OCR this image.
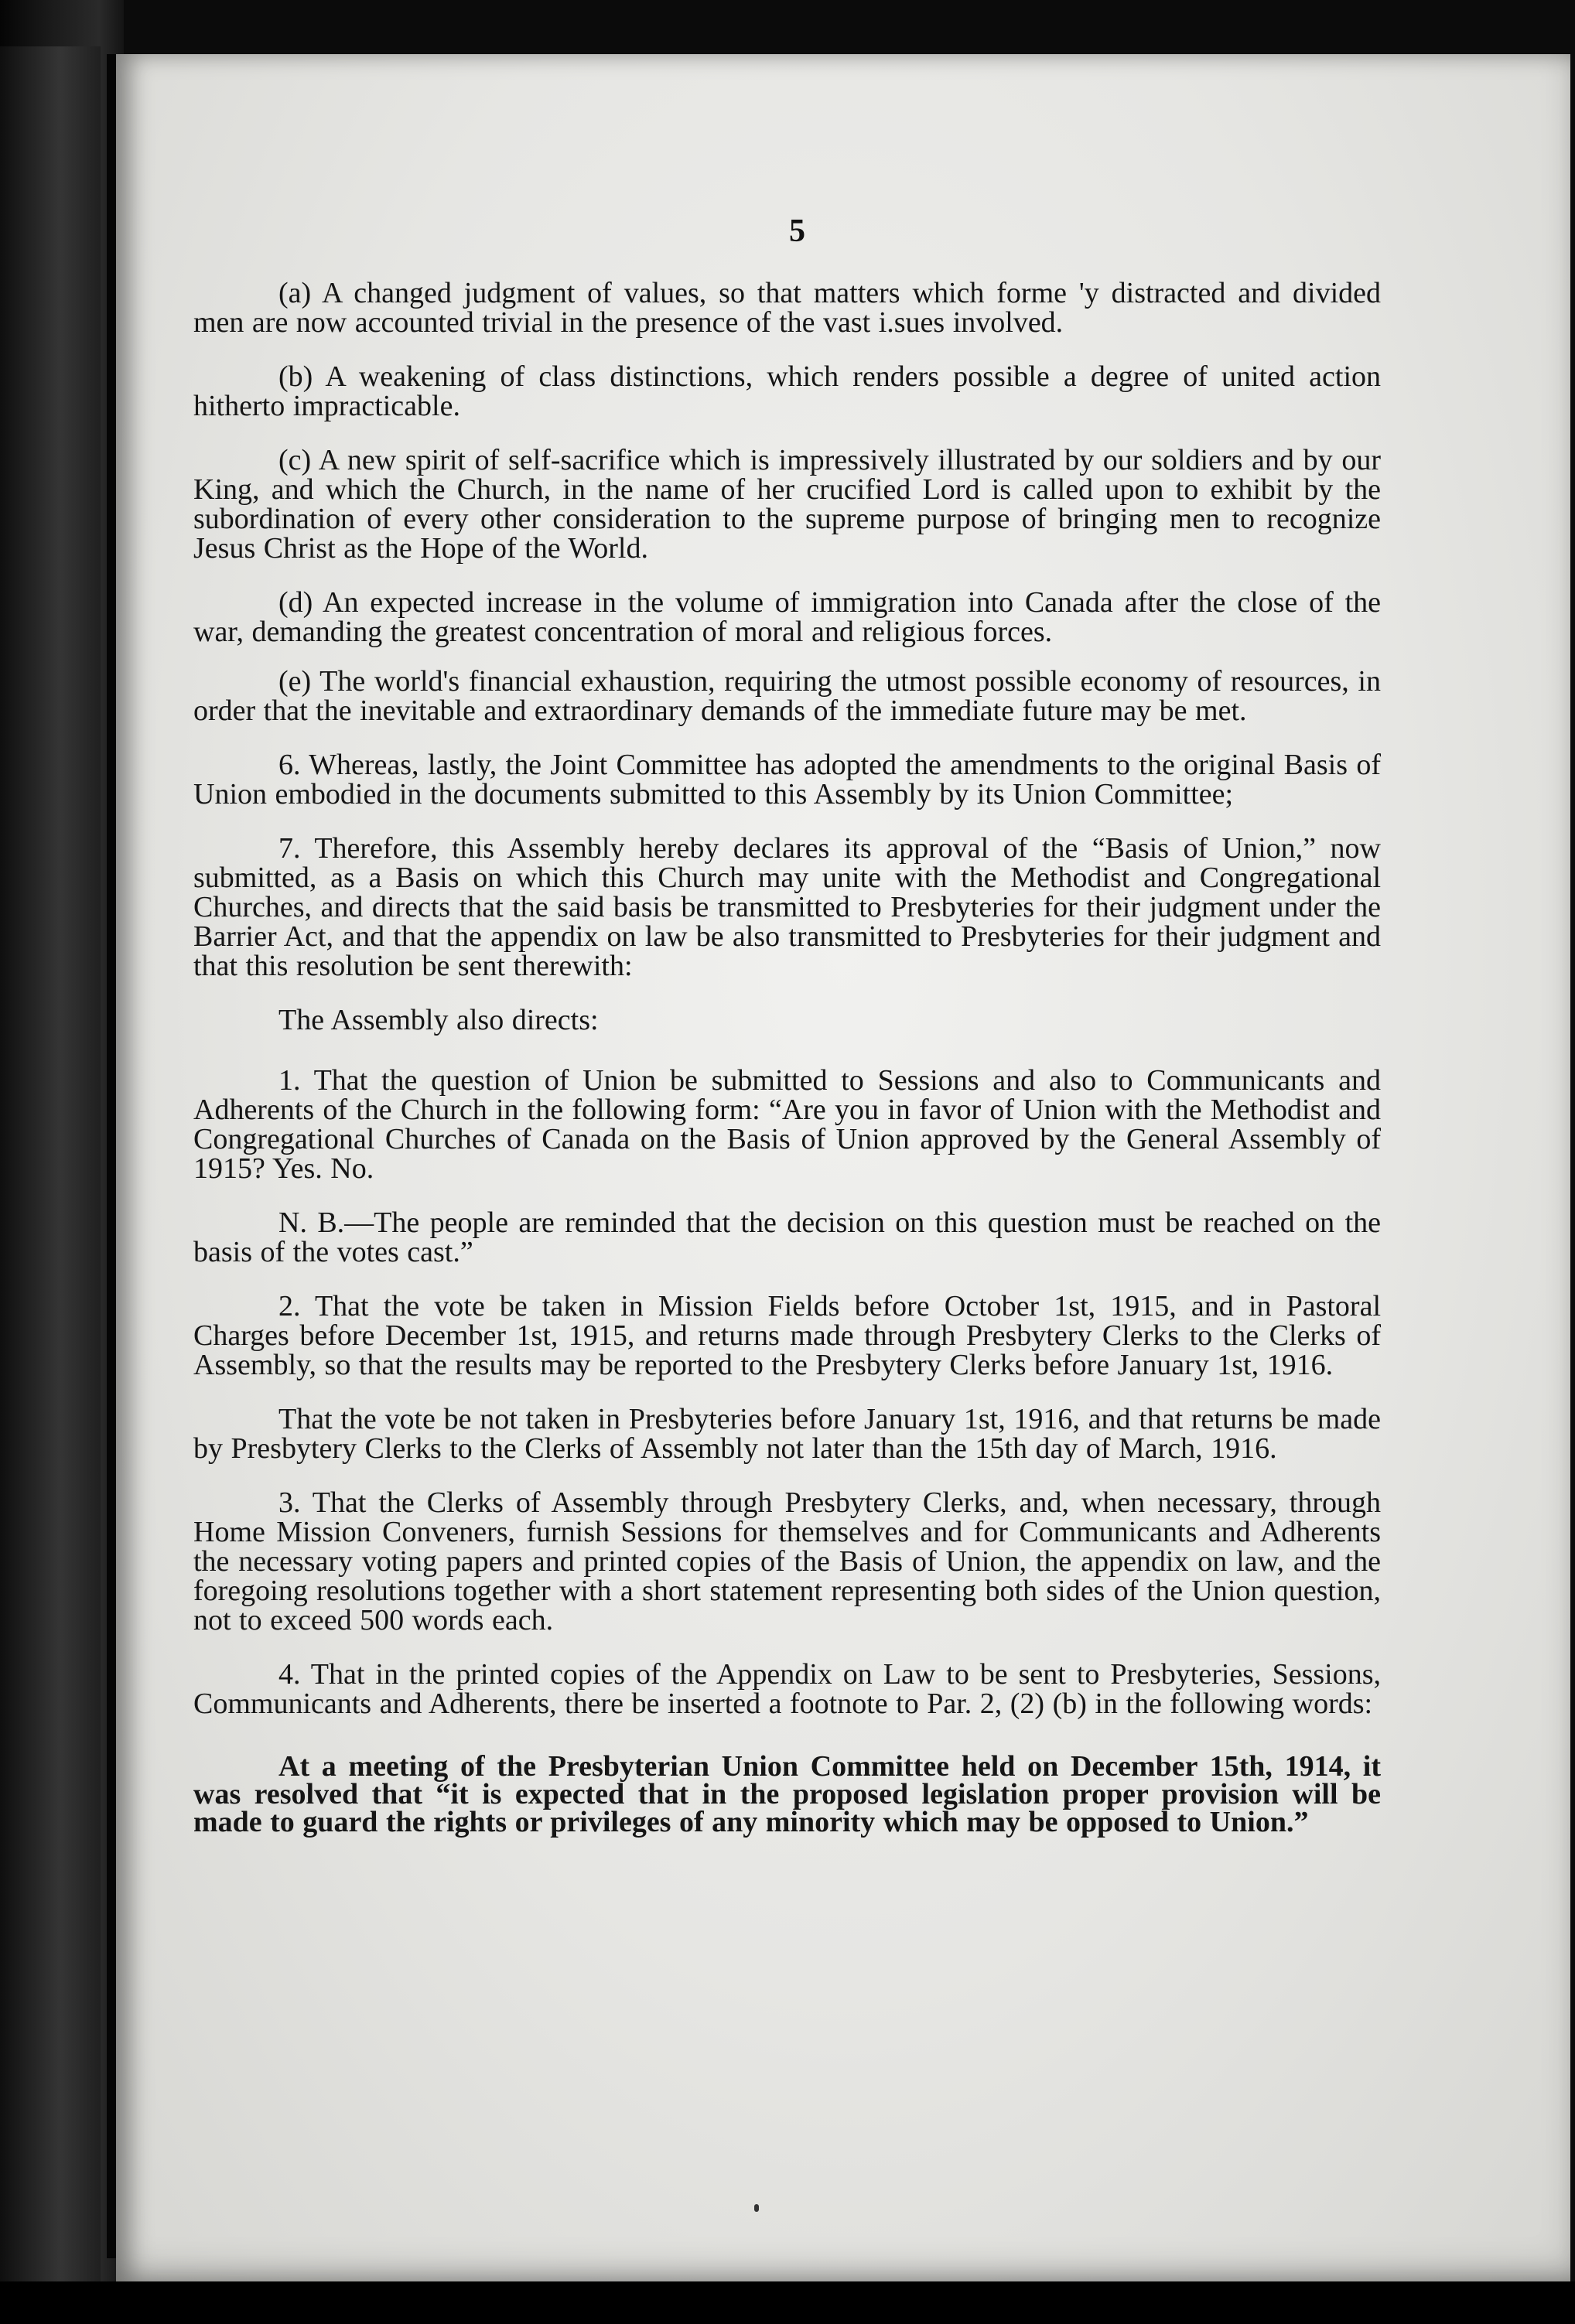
5

(a) A changed judgment of values, so that matters which forme 'y distracted and divided men are now accounted trivial in the presence of the vast i.sues involved.

(b) A weakening of class distinctions, which renders possible a degree of united action hitherto impracticable.

(c) A new spirit of self-sacrifice which is impressively illustrated by our soldiers and by our King, and which the Church, in the name of her crucified Lord is called upon to exhibit by the subordination of every other consideration to the supreme purpose of bringing men to recognize Jesus Christ as the Hope of the World.

(d) An expected increase in the volume of immigration into Canada after the close of the war, demanding the greatest concentration of moral and religious forces.

(e) The world's financial exhaustion, requiring the utmost possible economy of resources, in order that the inevitable and extraordinary demands of the immediate future may be met.

6. Whereas, lastly, the Joint Committee has adopted the amendments to the original Basis of Union embodied in the documents submitted to this Assembly by its Union Committee;

7. Therefore, this Assembly hereby declares its approval of the “Basis of Union,” now submitted, as a Basis on which this Church may unite with the Methodist and Congregational Churches, and directs that the said basis be transmitted to Presbyteries for their judgment under the Barrier Act, and that the appendix on law be also transmitted to Presbyteries for their judgment and that this resolution be sent therewith:

The Assembly also directs:

1. That the question of Union be submitted to Sessions and also to Communicants and Adherents of the Church in the following form: “Are you in favor of Union with the Methodist and Congregational Churches of Canada on the Basis of Union approved by the General Assembly of 1915? Yes. No.

N. B.—The people are reminded that the decision on this question must be reached on the basis of the votes cast.”

2. That the vote be taken in Mission Fields before October 1st, 1915, and in Pastoral Charges before December 1st, 1915, and returns made through Presbytery Clerks to the Clerks of Assembly, so that the results may be reported to the Presbytery Clerks before January 1st, 1916.

That the vote be not taken in Presbyteries before January 1st, 1916, and that returns be made by Presbytery Clerks to the Clerks of Assembly not later than the 15th day of March, 1916.

3. That the Clerks of Assembly through Presbytery Clerks, and, when necessary, through Home Mission Conveners, furnish Sessions for themselves and for Communicants and Adherents the necessary voting papers and printed copies of the Basis of Union, the appendix on law, and the foregoing resolutions together with a short statement representing both sides of the Union question, not to exceed 500 words each.

4. That in the printed copies of the Appendix on Law to be sent to Presbyteries, Sessions, Communicants and Adherents, there be inserted a footnote to Par. 2, (2) (b) in the following words:

At a meeting of the Presbyterian Union Committee held on December 15th, 1914, it was resolved that “it is expected that in the proposed legislation proper provision will be made to guard the rights or privileges of any minority which may be opposed to Union.”
